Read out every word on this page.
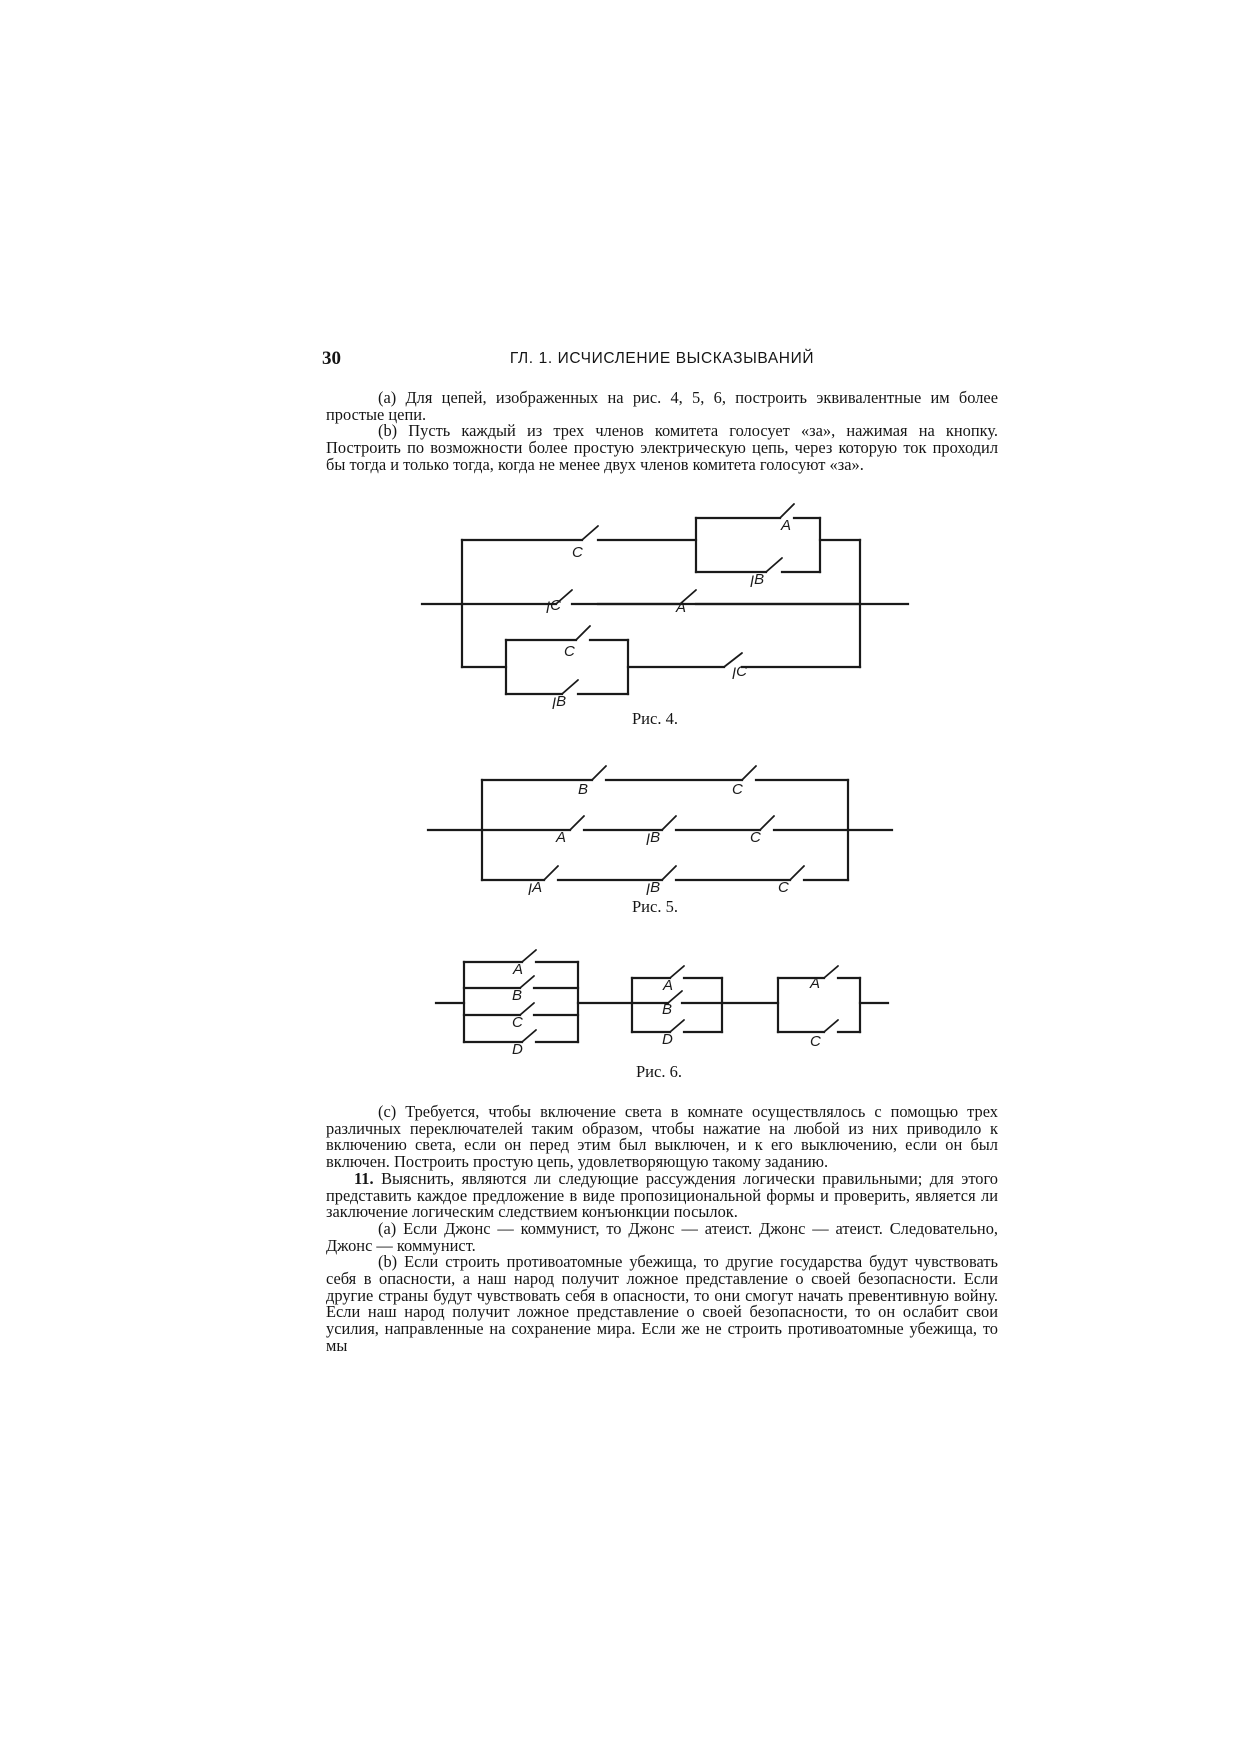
30	ГЛ. 1. ИСЧИСЛЕНИЕ ВЫСКАЗЫВАНИЙ

(a) Для цепей, изображенных на рис. 4, 5, 6, построить эквивалентные им более простые цепи.

(b) Пусть каждый из трех членов комитета голосует «за», нажимая на кнопку. Построить по возможности более простую электрическую цепь, через которую ток проходил бы тогда и только тогда, когда не менее двух членов комитета голосуют «за».

C
A
ꞁB
ꞁC	A
C
ꞁB
ꞁC
B	C
A	ꞁB	C
ꞁA	ꞁB	C
A
B
C
D
A
B
D
A
C
Рис. 4.
Рис. 5.
Рис. 6.

(c) Требуется, чтобы включение света в комнате осуществлялось с помощью трех различных переключателей таким образом, чтобы нажатие на любой из них приводило к включению света, если он перед этим был выключен, и к его выключению, если он был включен. Построить простую цепь, удовлетворяющую такому заданию.

11. Выяснить, являются ли следующие рассуждения логически правильными; для этого представить каждое предложение в виде пропозициональной формы и проверить, является ли заключение логическим следствием конъюнкции посылок.

(a) Если Джонс — коммунист, то Джонс — атеист. Джонс — атеист. Следовательно, Джонс — коммунист.

(b) Если строить противоатомные убежища, то другие государства будут чувствовать себя в опасности, а наш народ получит ложное представление о своей безопасности. Если другие страны будут чувствовать себя в опасности, то они смогут начать превентивную войну. Если наш народ получит ложное представление о своей безопасности, то он ослабит свои усилия, направленные на сохранение мира. Если же не строить противоатомные убежища, то мы
